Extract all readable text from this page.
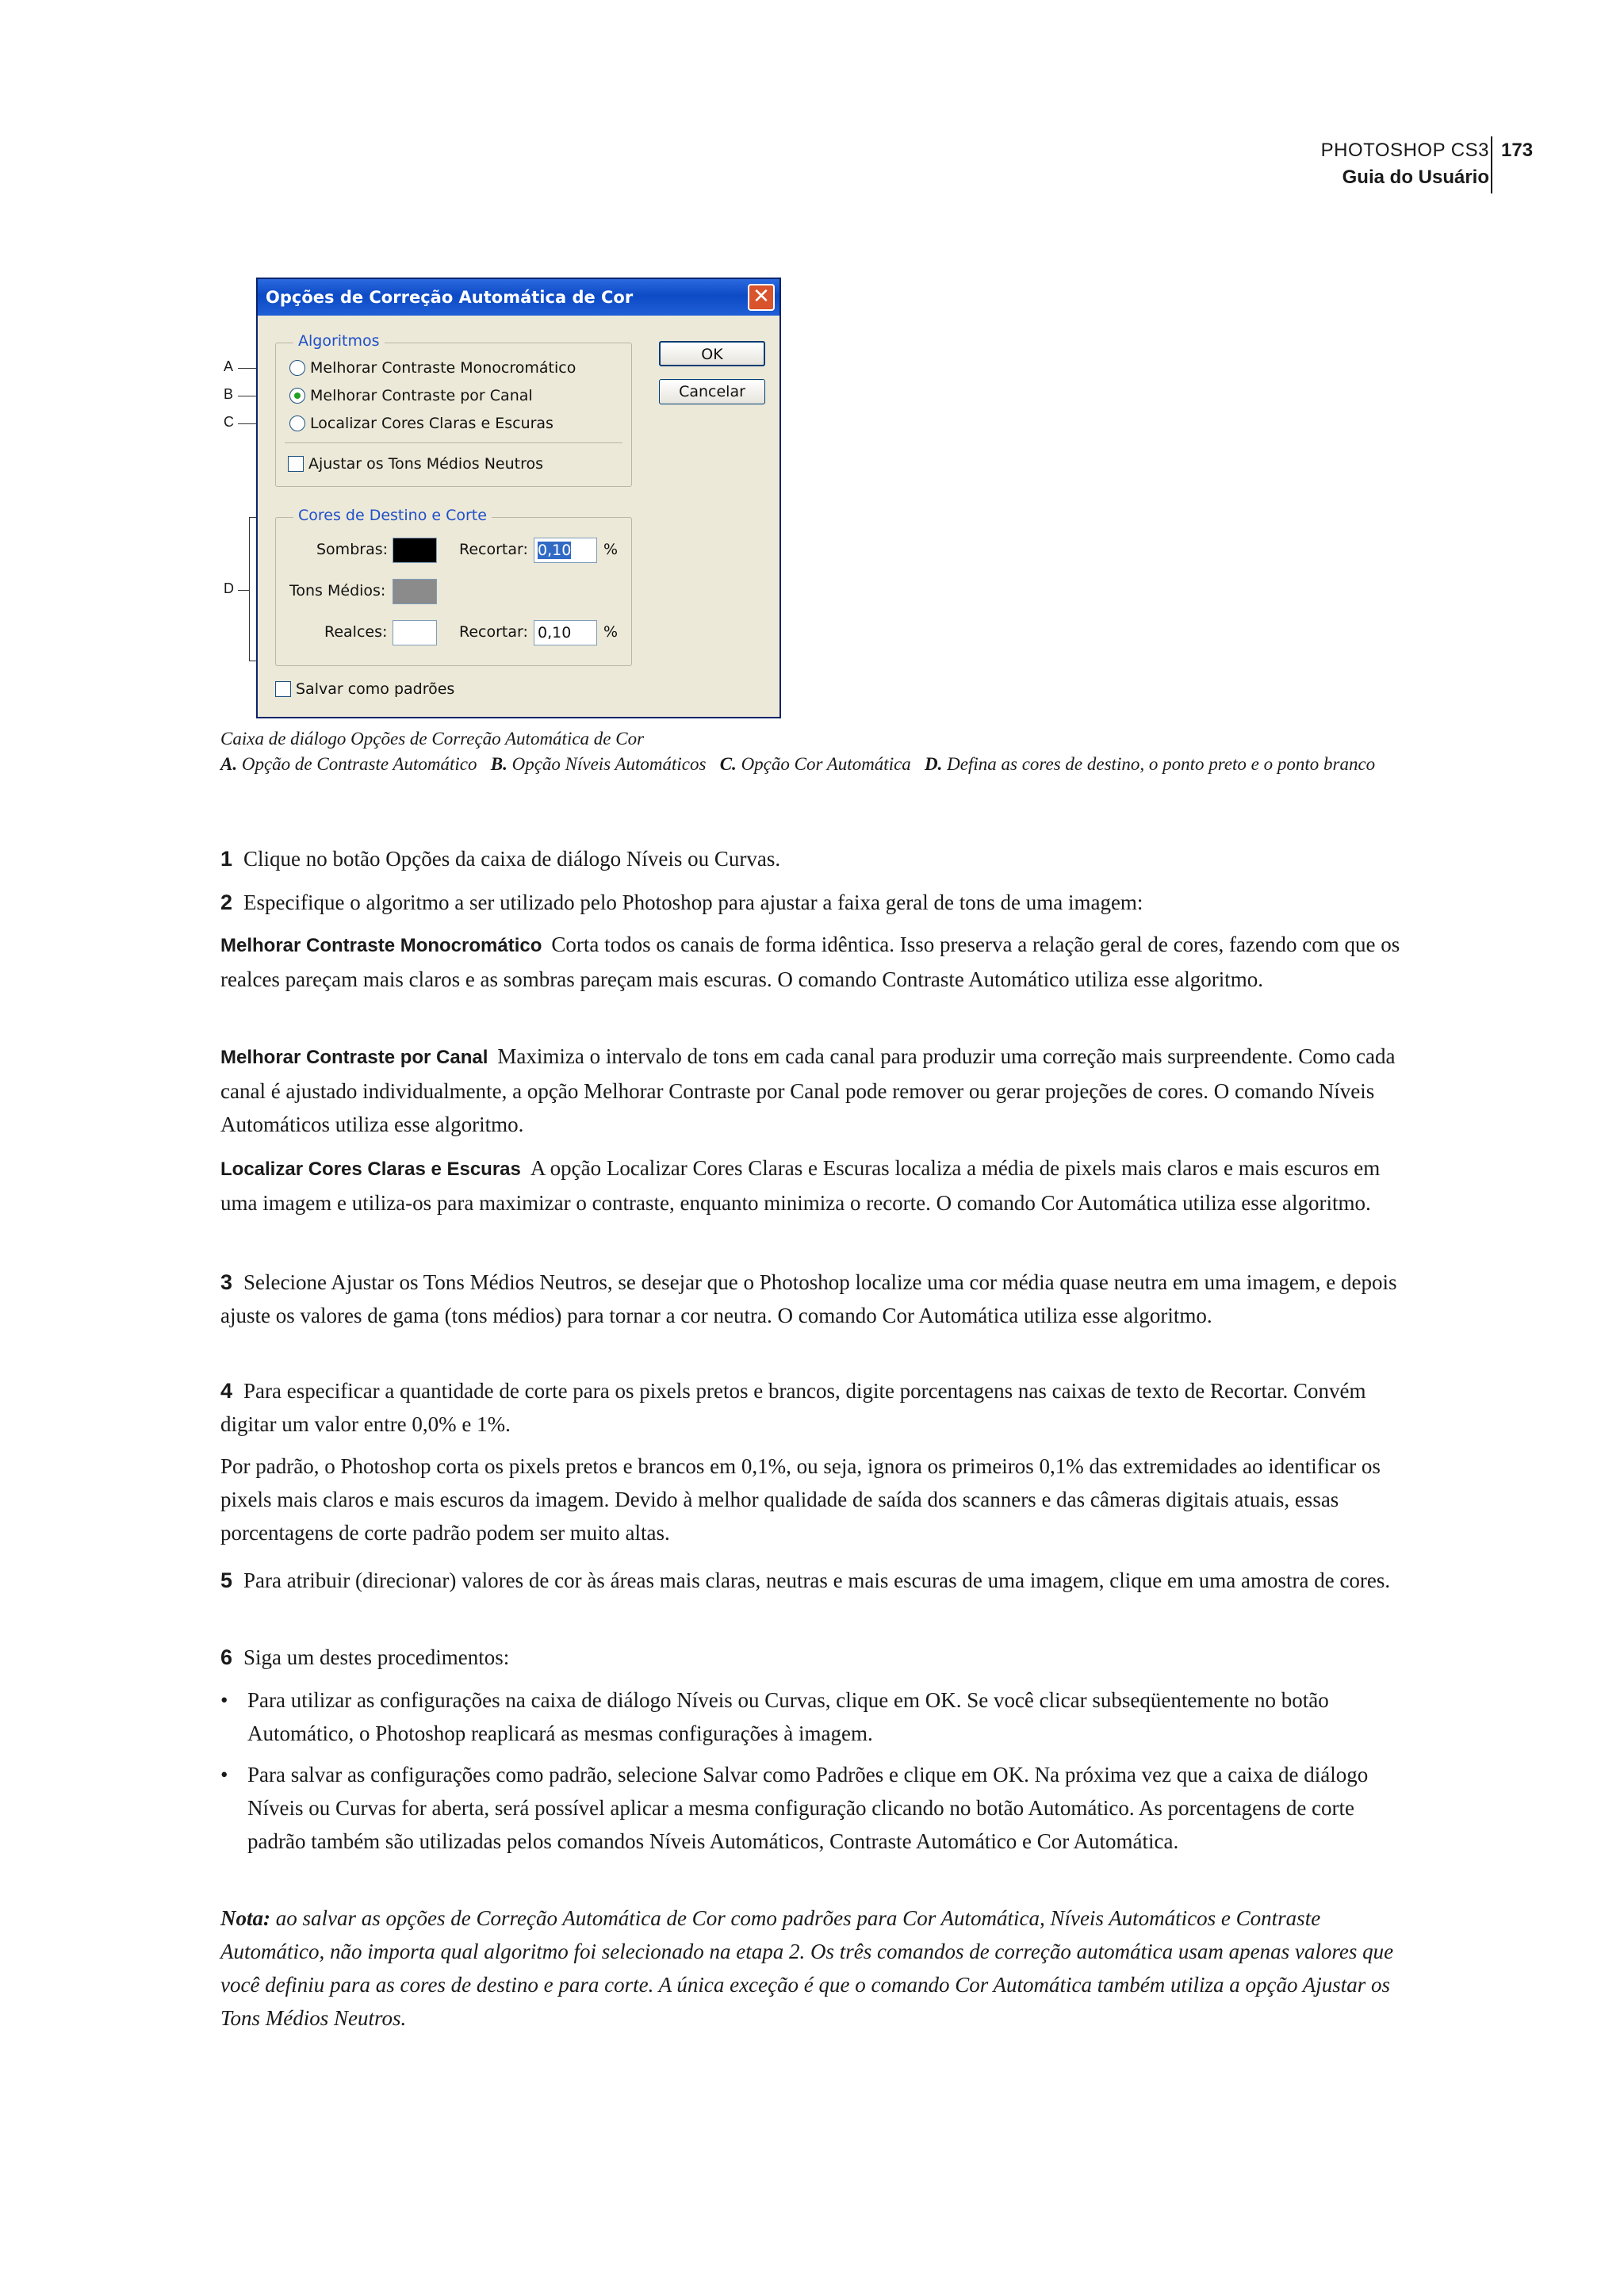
PHOTOSHOP CS3
Guia do Usuário
173
A
B
C
D
Opções de Correção Automática de Cor	✕
Algoritmos
Melhorar Contraste Monocromático
Melhorar Contraste por Canal
Localizar Cores Claras e Escuras
Ajustar os Tons Médios Neutros
OK
Cancelar
Cores de Destino e Corte
Sombras:	Recortar: 0,10	%
Tons Médios:
Realces:	Recortar: 0,10	%
Salvar como padrões
Caixa de diálogo Opções de Correção Automática de Cor
A. Opção de Contraste Automático B. Opção Níveis Automáticos C. Opção Cor Automática D. Defina as cores de destino, o ponto preto e o ponto branco
1 Clique no botão Opções da caixa de diálogo Níveis ou Curvas.
2 Especifique o algoritmo a ser utilizado pelo Photoshop para ajustar a faixa geral de tons de uma imagem:
Melhorar Contraste Monocromático Corta todos os canais de forma idêntica. Isso preserva a relação geral de cores, fazendo com que os realces pareçam mais claros e as sombras pareçam mais escuras. O comando Contraste Automático utiliza esse algoritmo.
Melhorar Contraste por Canal Maximiza o intervalo de tons em cada canal para produzir uma correção mais surpreendente. Como cada canal é ajustado individualmente, a opção Melhorar Contraste por Canal pode remover ou gerar projeções de cores. O comando Níveis Automáticos utiliza esse algoritmo.
Localizar Cores Claras e Escuras A opção Localizar Cores Claras e Escuras localiza a média de pixels mais claros e mais escuros em uma imagem e utiliza-os para maximizar o contraste, enquanto minimiza o recorte. O comando Cor Automática utiliza esse algoritmo.
3 Selecione Ajustar os Tons Médios Neutros, se desejar que o Photoshop localize uma cor média quase neutra em uma imagem, e depois ajuste os valores de gama (tons médios) para tornar a cor neutra. O comando Cor Automática utiliza esse algoritmo.
4 Para especificar a quantidade de corte para os pixels pretos e brancos, digite porcentagens nas caixas de texto de Recortar. Convém digitar um valor entre 0,0% e 1%.
Por padrão, o Photoshop corta os pixels pretos e brancos em 0,1%, ou seja, ignora os primeiros 0,1% das extremidades ao identificar os pixels mais claros e mais escuros da imagem. Devido à melhor qualidade de saída dos scanners e das câmeras digitais atuais, essas porcentagens de corte padrão podem ser muito altas.
5 Para atribuir (direcionar) valores de cor às áreas mais claras, neutras e mais escuras de uma imagem, clique em uma amostra de cores.
6 Siga um destes procedimentos:
• Para utilizar as configurações na caixa de diálogo Níveis ou Curvas, clique em OK. Se você clicar subseqüentemente no botão Automático, o Photoshop reaplicará as mesmas configurações à imagem.
• Para salvar as configurações como padrão, selecione Salvar como Padrões e clique em OK. Na próxima vez que a caixa de diálogo Níveis ou Curvas for aberta, será possível aplicar a mesma configuração clicando no botão Automático. As porcentagens de corte padrão também são utilizadas pelos comandos Níveis Automáticos, Contraste Automático e Cor Automática.
Nota: ao salvar as opções de Correção Automática de Cor como padrões para Cor Automática, Níveis Automáticos e Contraste Automático, não importa qual algoritmo foi selecionado na etapa 2. Os três comandos de correção automática usam apenas valores que você definiu para as cores de destino e para corte. A única exceção é que o comando Cor Automática também utiliza a opção Ajustar os Tons Médios Neutros.
